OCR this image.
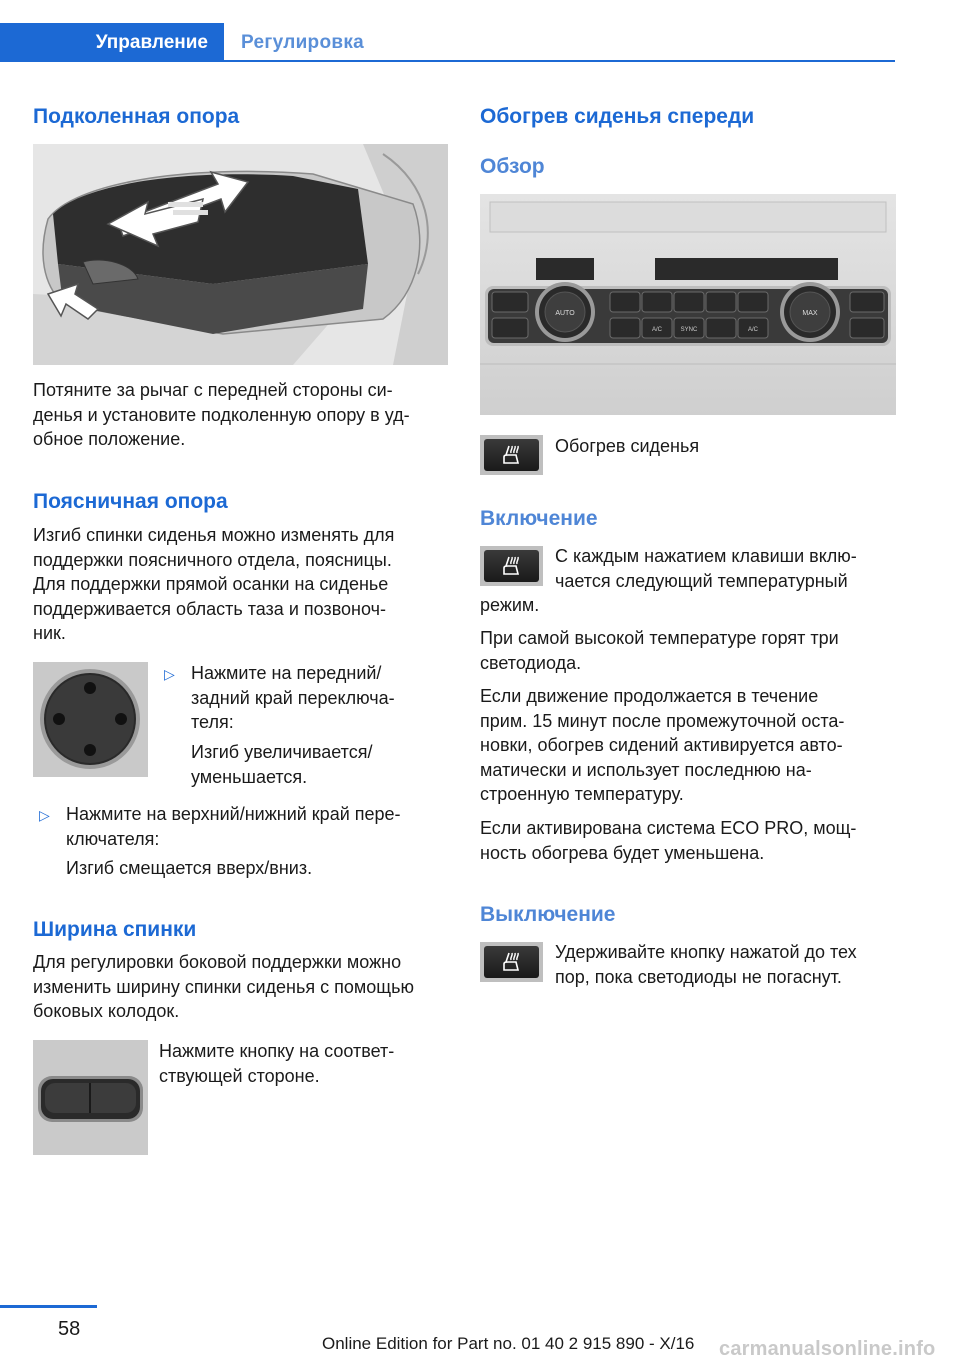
Управление Регулировка
Подколенная опора

Потяните за рычаг с передней стороны си‐
денья и установите подколенную опору в уд‐
обное положение.

Поясничная опора

Изгиб спинки сиденья можно изменять для
поддержки поясничного отдела, поясницы.
Для поддержки прямой осанки на сиденье
поддерживается область таза и позвоноч‐
ник.

▷ Нажмите на передний/
задний край переключа‐
теля:

Изгиб увеличивается/
уменьшается.

▷ Нажмите на верхний/нижний край пере‐
ключателя:

Изгиб смещается вверх/вниз.

Ширина спинки

Для регулировки боковой поддержки можно
изменить ширину спинки сиденья с помощью
боковых колодок.

Нажмите кнопку на соответ‐
ствующей стороне.

Обогрев сиденья спереди
Обзор
AUTO	MAX
A/C	SYNC	A/C

Обогрев сиденья

Включение

С каждым нажатием клавиши вклю‐
чается следующий температурный

режим.

При самой высокой температуре горят три
светодиода.

Если движение продолжается в течение
прим. 15 минут после промежуточной оста‐
новки, обогрев сидений активируется авто‐
матически и использует последнюю на‐
строенную температуру.

Если активирована система ECO PRO, мощ‐
ность обогрева будет уменьшена.

Выключение

Удерживайте кнопку нажатой до тех
пор, пока светодиоды не погаснут.

58
Online Edition for Part no. 01 40 2 915 890 - X/16 carmanualsonline.info
